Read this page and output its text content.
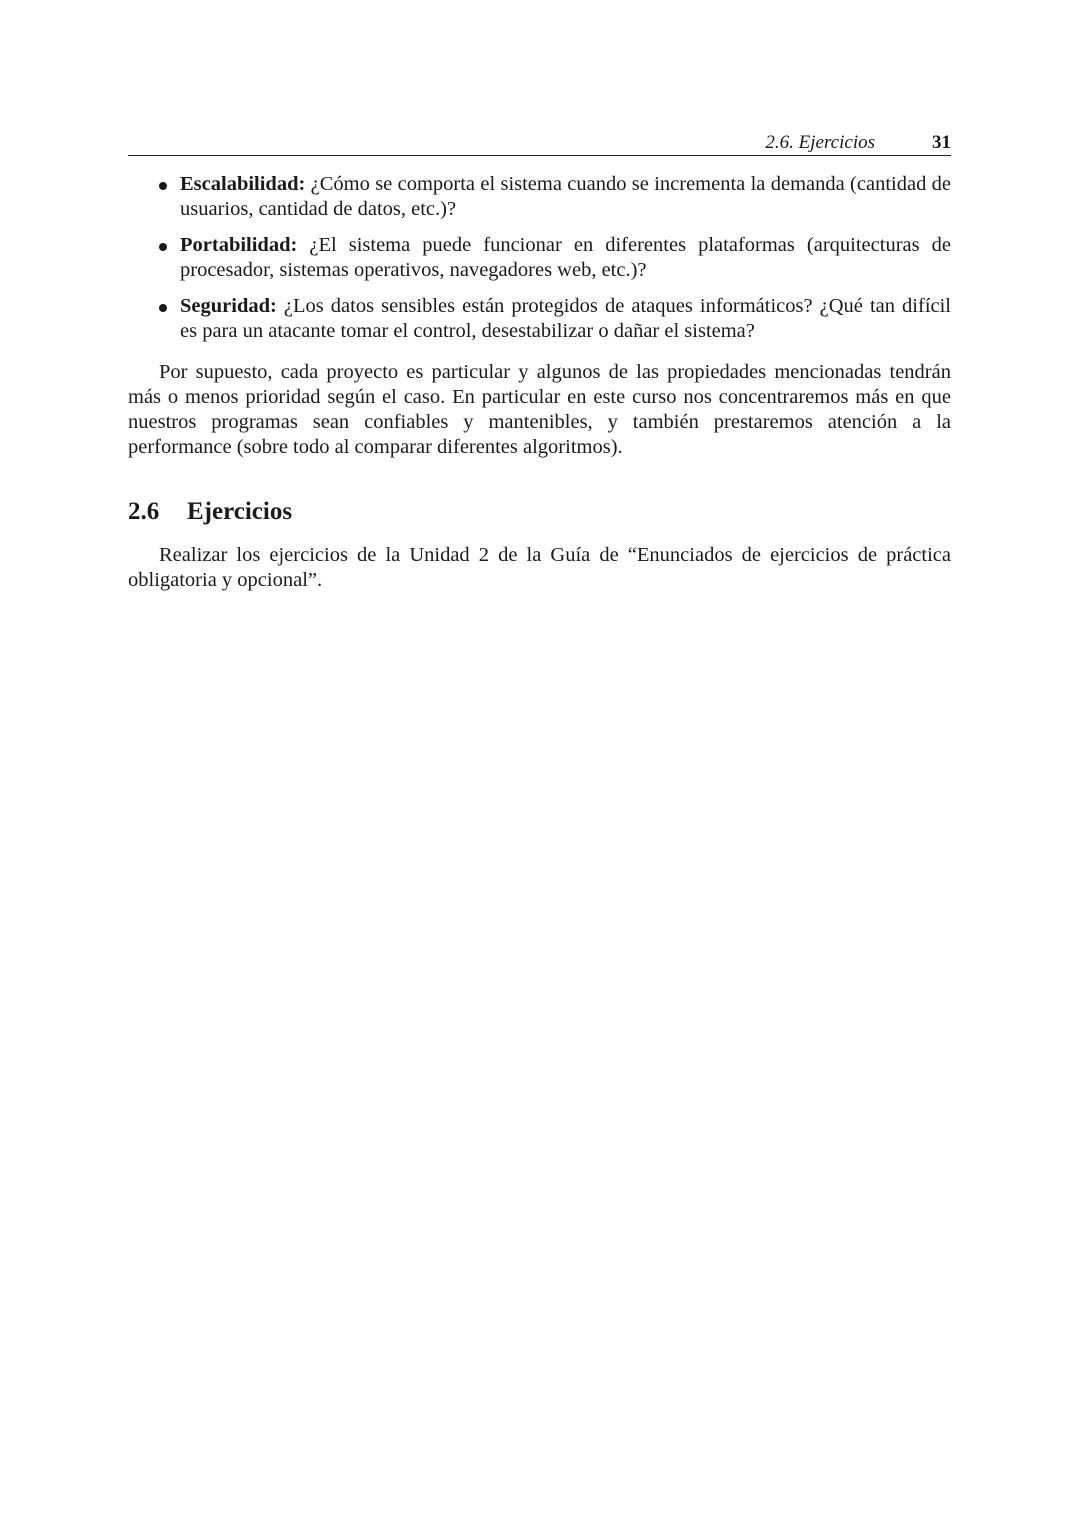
2.6. Ejercicios	31
Escalabilidad: ¿Cómo se comporta el sistema cuando se incrementa la demanda (cantidad de usuarios, cantidad de datos, etc.)?
Portabilidad: ¿El sistema puede funcionar en diferentes plataformas (arquitecturas de procesador, sistemas operativos, navegadores web, etc.)?
Seguridad: ¿Los datos sensibles están protegidos de ataques informáticos? ¿Qué tan difícil es para un atacante tomar el control, desestabilizar o dañar el sistema?

Por supuesto, cada proyecto es particular y algunos de las propiedades mencionadas tendrán más o menos prioridad según el caso. En particular en este curso nos concentraremos más en que nuestros programas sean confiables y mantenibles, y también prestaremos atención a la performance (sobre todo al comparar diferentes algoritmos).

2.6 Ejercicios

Realizar los ejercicios de la Unidad 2 de la Guía de “Enunciados de ejercicios de práctica obligatoria y opcional”.
